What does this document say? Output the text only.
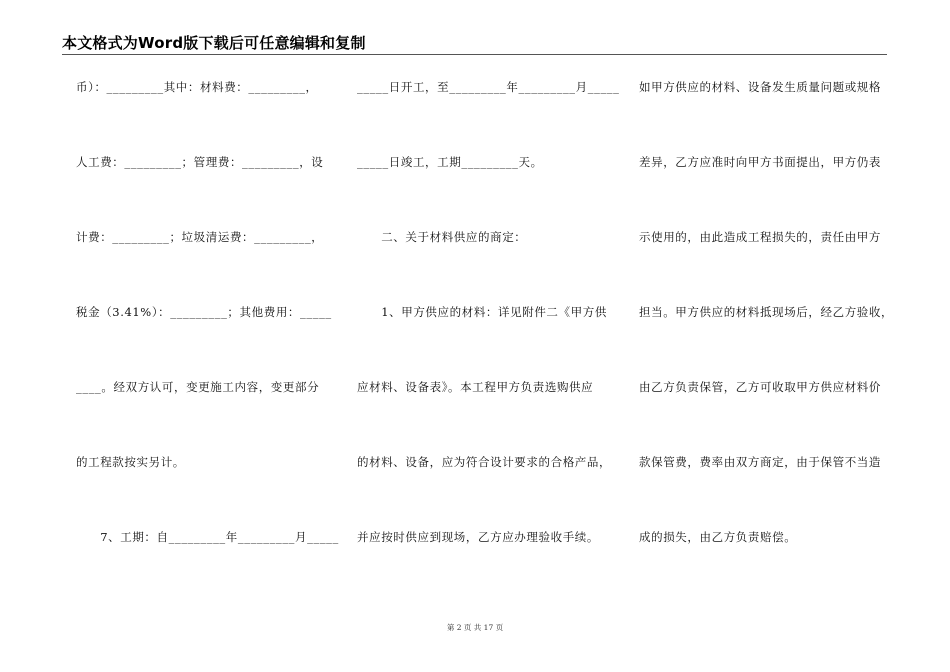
本文格式为Word版下载后可任意编辑和复制
币）：_________其中：材料费：_________，
人工费：_________；管理费：_________，设
计费：_________；垃圾清运费：_________，
税金（3.41%）：_________；其他费用：_____
____。经双方认可，变更施工内容，变更部分
的工程款按实另计。
　　7、工期：自_________年_________月_____
_____日开工，至_________年_________月_____
_____日竣工，工期_________天。
　　二、关于材料供应的商定：
　　1、甲方供应的材料：详见附件二《甲方供
应材料、设备表》。本工程甲方负责选购供应
的材料、设备，应为符合设计要求的合格产品，
并应按时供应到现场，乙方应办理验收手续。
如甲方供应的材料、设备发生质量问题或规格
差异，乙方应准时向甲方书面提出，甲方仍表
示使用的，由此造成工程损失的，责任由甲方
担当。甲方供应的材料抵现场后，经乙方验收，
由乙方负责保管，乙方可收取甲方供应材料价
款保管费，费率由双方商定，由于保管不当造
成的损失，由乙方负责赔偿。
第 2 页 共 17 页
